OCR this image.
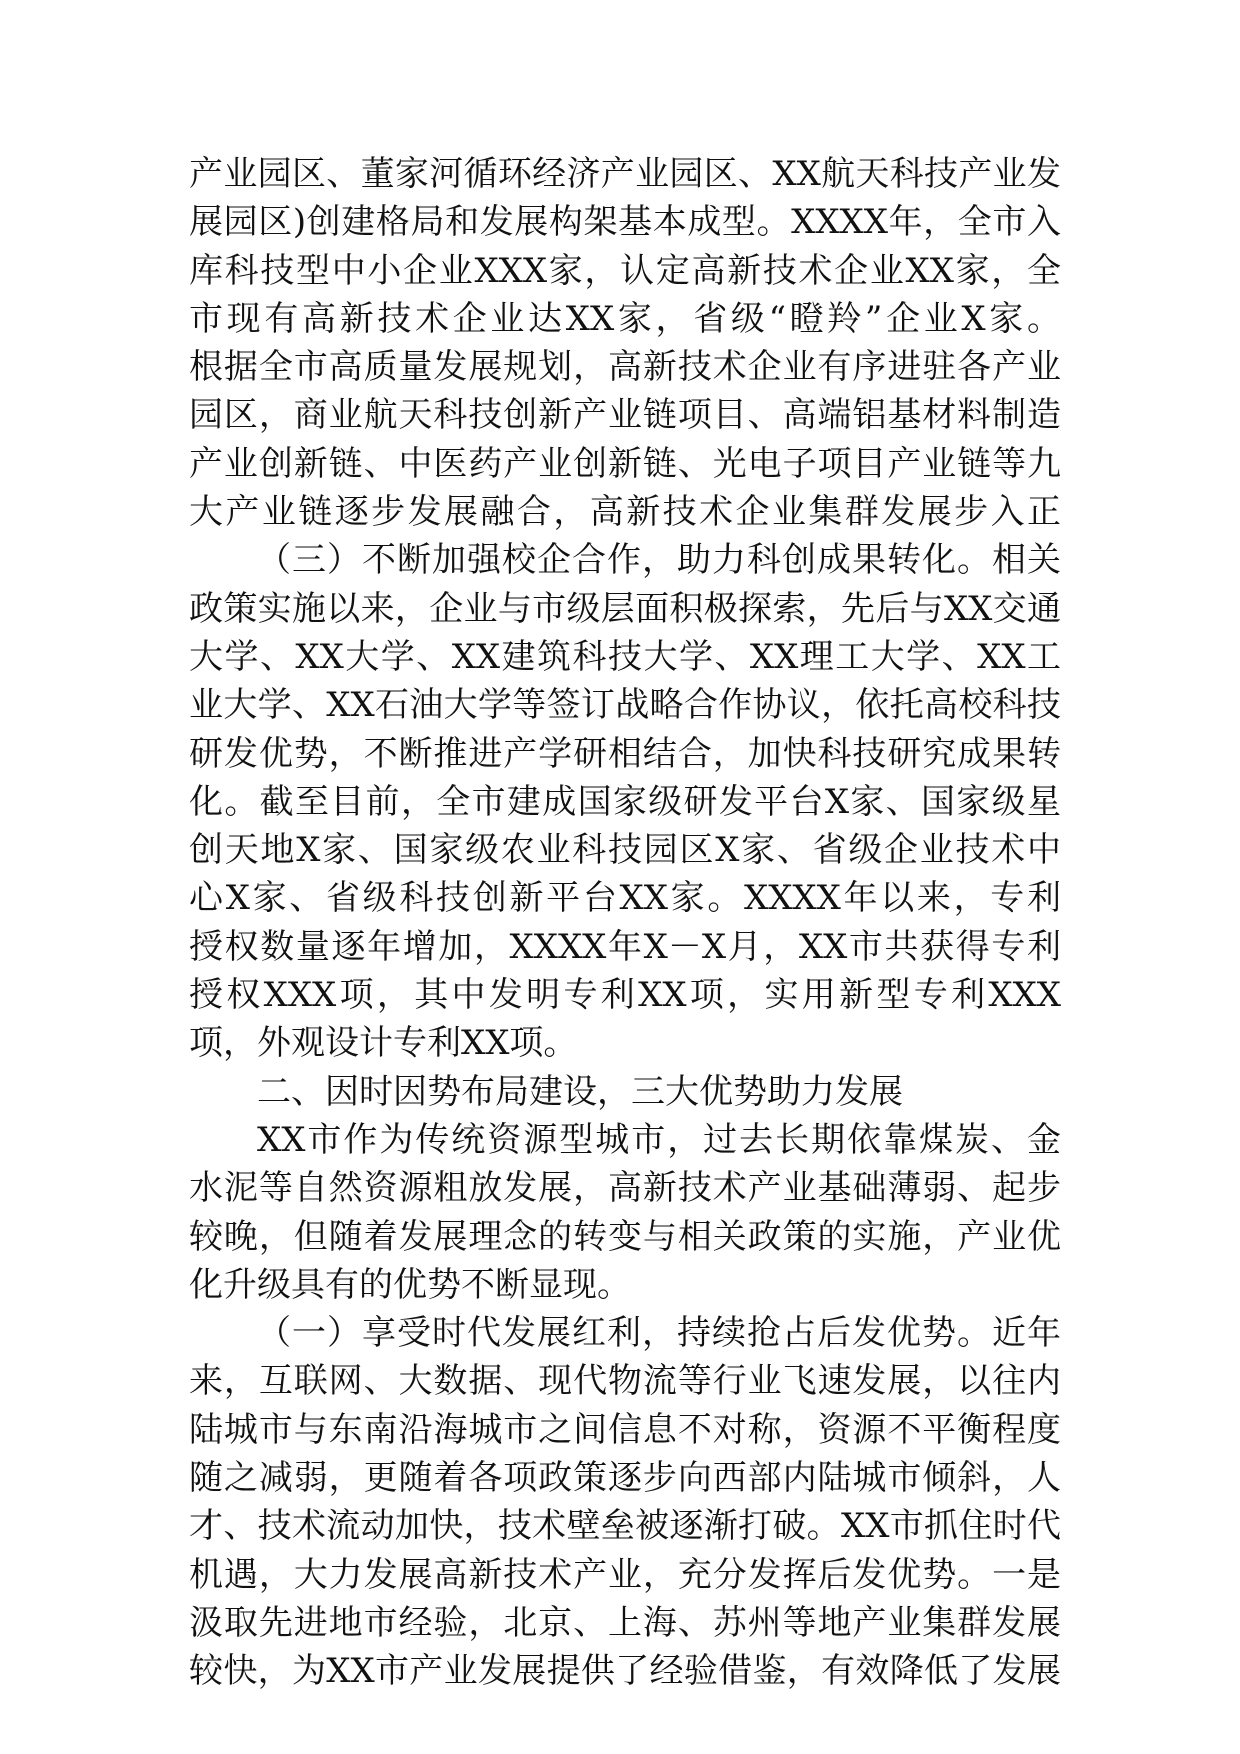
产业园区、董家河循环经济产业园区、XX航天科技产业发
展园区)创建格局和发展构架基本成型。XXXX年，全市入
库科技型中小企业XXX家，认定高新技术企业XX家，全
市现有高新技术企业达XX家，省级“瞪羚”企业X家。
根据全市高质量发展规划，高新技术企业有序进驻各产业
园区，商业航天科技创新产业链项目、高端铝基材料制造
产业创新链、中医药产业创新链、光电子项目产业链等九
大产业链逐步发展融合，高新技术企业集群发展步入正
（三）不断加强校企合作，助力科创成果转化。相关
政策实施以来，企业与市级层面积极探索，先后与XX交通
大学、XX大学、XX建筑科技大学、XX理工大学、XX工
业大学、XX石油大学等签订战略合作协议，依托高校科技
研发优势，不断推进产学研相结合，加快科技研究成果转
化。截至目前，全市建成国家级研发平台X家、国家级星
创天地X家、国家级农业科技园区X家、省级企业技术中
心X家、省级科技创新平台XX家。XXXX年以来，专利
授权数量逐年增加，XXXX年X－X月，XX市共获得专利
授权XXX项，其中发明专利XX项，实用新型专利XXX
项，外观设计专利XX项。
二、因时因势布局建设，三大优势助力发展
XX市作为传统资源型城市，过去长期依靠煤炭、金
水泥等自然资源粗放发展，高新技术产业基础薄弱、起步
较晚，但随着发展理念的转变与相关政策的实施，产业优
化升级具有的优势不断显现。
（一）享受时代发展红利，持续抢占后发优势。近年
来，互联网、大数据、现代物流等行业飞速发展，以往内
陆城市与东南沿海城市之间信息不对称，资源不平衡程度
随之减弱，更随着各项政策逐步向西部内陆城市倾斜，人
才、技术流动加快，技术壁垒被逐渐打破。XX市抓住时代
机遇，大力发展高新技术产业，充分发挥后发优势。一是
汲取先进地市经验，北京、上海、苏州等地产业集群发展
较快，为XX市产业发展提供了经验借鉴，有效降低了发展
